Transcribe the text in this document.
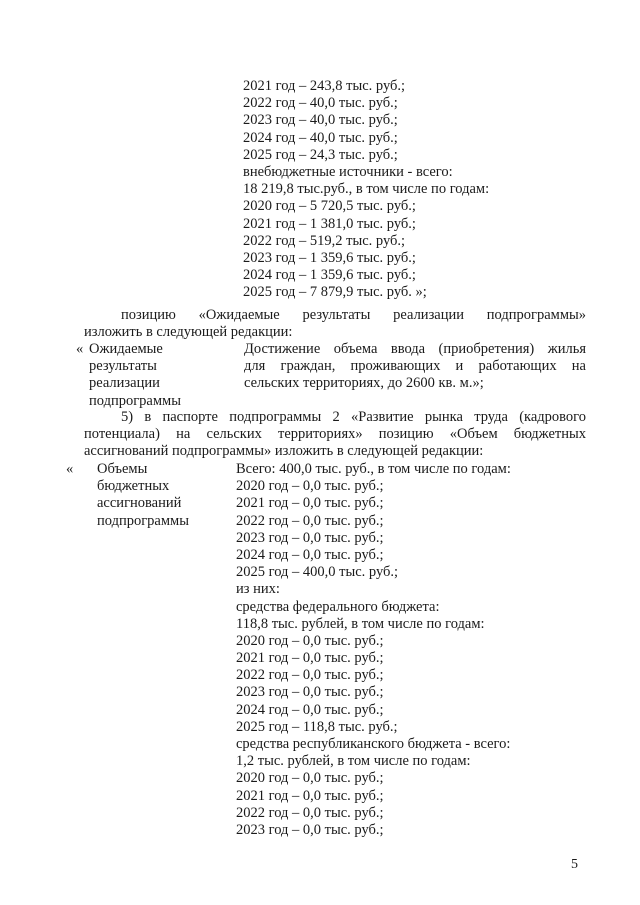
2021 год – 243,8 тыс. руб.;
2022 год – 40,0 тыс. руб.;
2023 год – 40,0 тыс. руб.;
2024 год – 40,0 тыс. руб.;
2025 год – 24,3 тыс. руб.;
внебюджетные источники - всего:
18 219,8 тыс.руб., в том числе по годам:
2020 год – 5 720,5 тыс. руб.;
2021 год – 1 381,0 тыс. руб.;
2022 год – 519,2 тыс. руб.;
2023 год – 1 359,6 тыс. руб.;
2024 год – 1 359,6 тыс. руб.;
2025 год – 7 879,9 тыс. руб. »;
позицию «Ожидаемые результаты реализации подпрограммы»
изложить в следующей редакции:
« Ожидаемые
результаты
реализации
подпрограммы
Достижение объема ввода (приобретения) жилья
для граждан, проживающих и работающих на
сельских территориях, до 2600 кв. м.»;
5) в паспорте подпрограммы 2 «Развитие рынка труда (кадрового
потенциала) на сельских территориях» позицию «Объем бюджетных
ассигнований подпрограммы» изложить в следующей редакции:
«	Объемы
бюджетных
ассигнований
подпрограммы
Всего: 400,0 тыс. руб., в том числе по годам:
2020 год – 0,0 тыс. руб.;
2021 год – 0,0 тыс. руб.;
2022 год – 0,0 тыс. руб.;
2023 год – 0,0 тыс. руб.;
2024 год – 0,0 тыс. руб.;
2025 год – 400,0 тыс. руб.;
из них:
средства федерального бюджета:
118,8 тыс. рублей, в том числе по годам:
2020 год – 0,0 тыс. руб.;
2021 год – 0,0 тыс. руб.;
2022 год – 0,0 тыс. руб.;
2023 год – 0,0 тыс. руб.;
2024 год – 0,0 тыс. руб.;
2025 год – 118,8 тыс. руб.;
средства республиканского бюджета - всего:
1,2 тыс. рублей, в том числе по годам:
2020 год – 0,0 тыс. руб.;
2021 год – 0,0 тыс. руб.;
2022 год – 0,0 тыс. руб.;
2023 год – 0,0 тыс. руб.;
5
